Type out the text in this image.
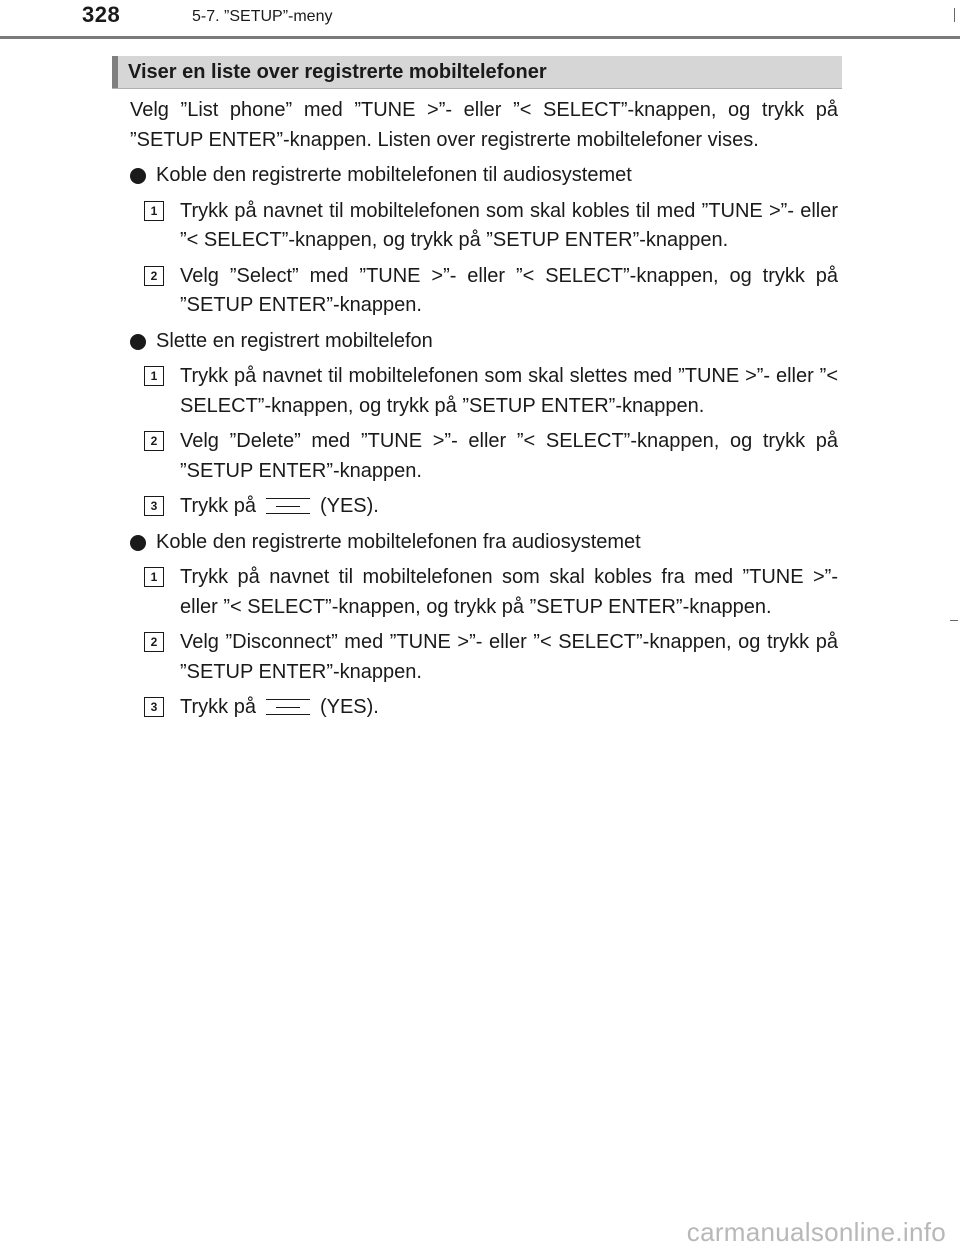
328	5-7. ”SETUP”-meny
Viser en liste over registrerte mobiltelefoner

Velg ”List phone” med ”TUNE >”- eller ”< SELECT”-knappen, og trykk på ”SETUP ENTER”-knappen. Listen over registrerte mobiltelefoner vises.

Koble den registrerte mobiltelefonen til audiosystemet
1	Trykk på navnet til mobiltelefonen som skal kobles til med ”TUNE >”- eller ”< SELECT”-knappen, og trykk på ”SETUP ENTER”-knappen.
2	Velg ”Select” med ”TUNE >”- eller ”< SELECT”-knappen, og trykk på ”SETUP ENTER”-knappen.
Slette en registrert mobiltelefon
1	Trykk på navnet til mobiltelefonen som skal slettes med ”TUNE >”- eller ”< SELECT”-knappen, og trykk på ”SETUP ENTER”-knappen.
2	Velg ”Delete” med ”TUNE >”- eller ”< SELECT”-knappen, og trykk på ”SETUP ENTER”-knappen.
3	Trykk på	(YES).
Koble den registrerte mobiltelefonen fra audiosystemet
1	Trykk på navnet til mobiltelefonen som skal kobles fra med ”TUNE >”- eller ”< SELECT”-knappen, og trykk på ”SETUP ENTER”-knappen.
2	Velg ”Disconnect” med ”TUNE >”- eller ”< SELECT”-knappen, og trykk på ”SETUP ENTER”-knappen.
3	Trykk på	(YES).
carmanualsonline.info
